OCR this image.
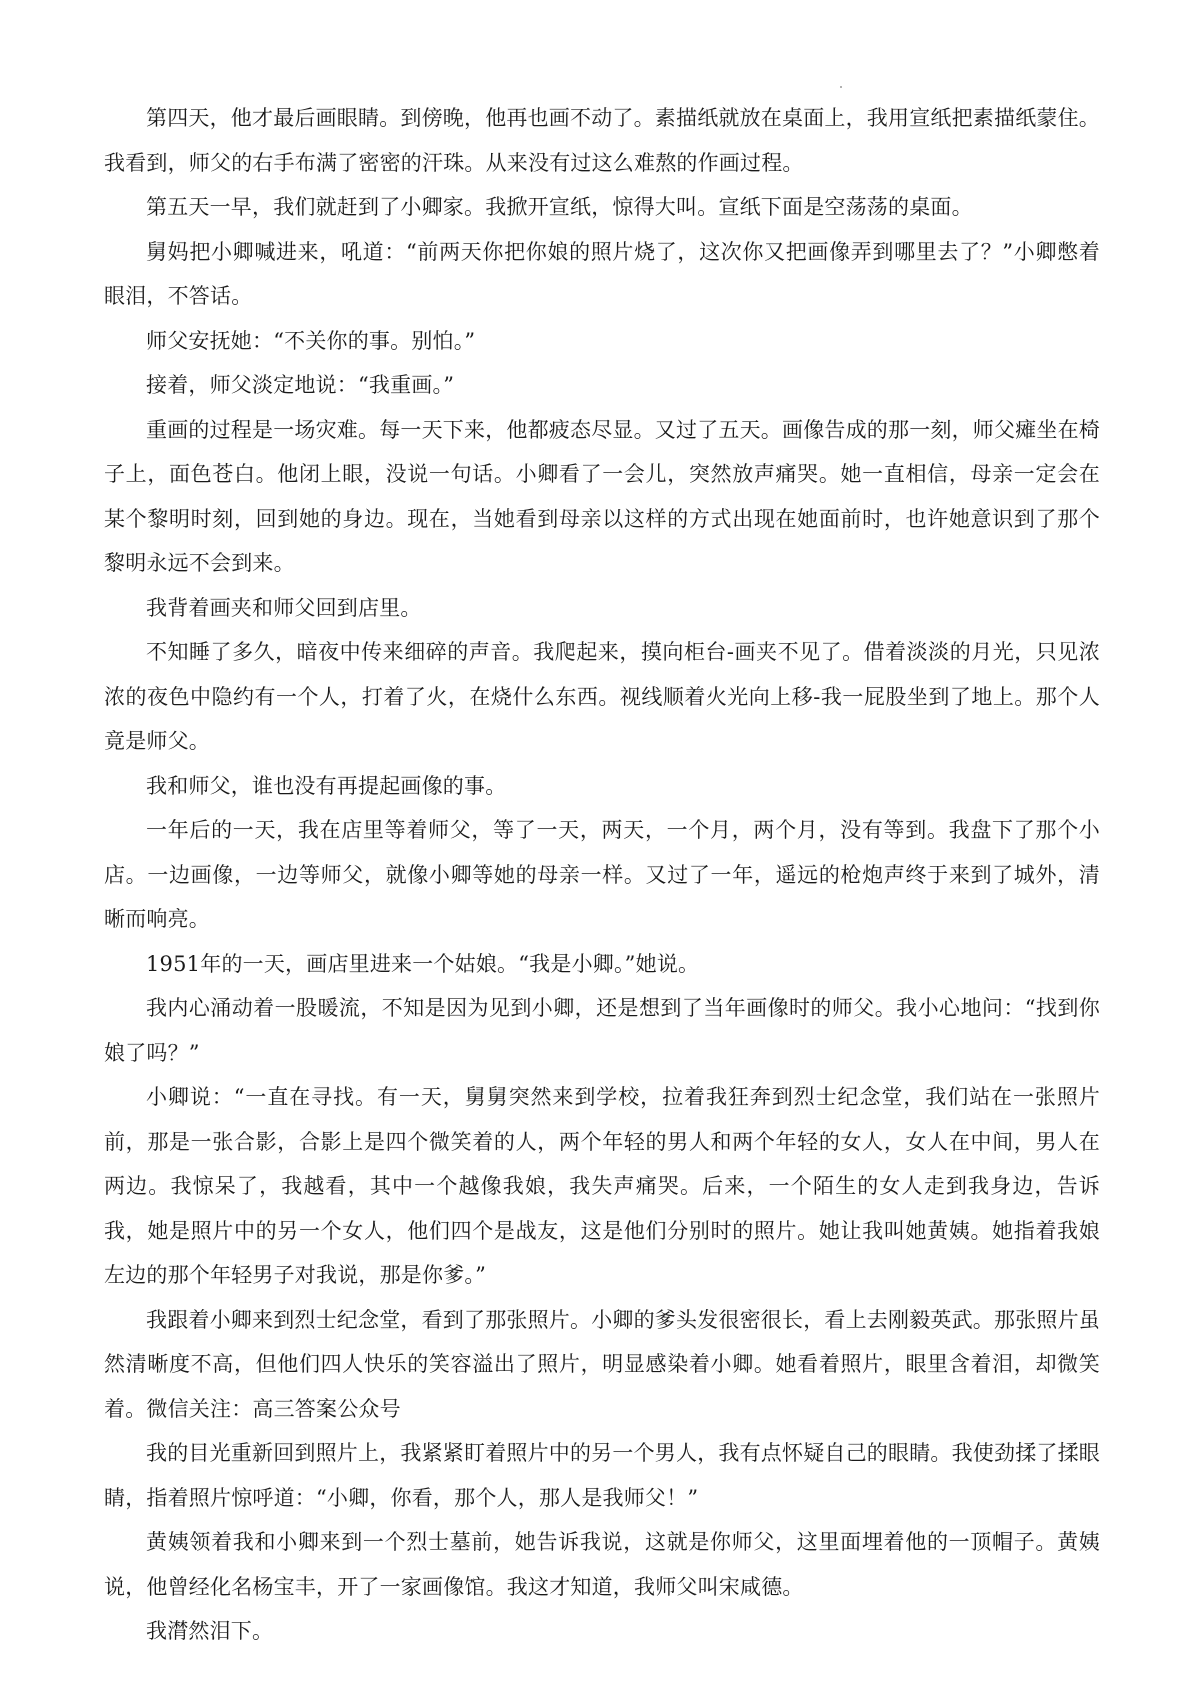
第四天，他才最后画眼睛。到傍晚，他再也画不动了。素描纸就放在桌面上，我用宣纸把素描纸蒙住。我看到，师父的右手布满了密密的汗珠。从来没有过这么难熬的作画过程。

第五天一早，我们就赶到了小卿家。我掀开宣纸，惊得大叫。宣纸下面是空荡荡的桌面。

舅妈把小卿喊进来，吼道：“前两天你把你娘的照片烧了，这次你又把画像弄到哪里去了？”小卿憋着眼泪，不答话。

师父安抚她：“不关你的事。别怕。”

接着，师父淡定地说：“我重画。”

重画的过程是一场灾难。每一天下来，他都疲态尽显。又过了五天。画像告成的那一刻，师父瘫坐在椅子上，面色苍白。他闭上眼，没说一句话。小卿看了一会儿，突然放声痛哭。她一直相信，母亲一定会在某个黎明时刻，回到她的身边。现在，当她看到母亲以这样的方式出现在她面前时，也许她意识到了那个黎明永远不会到来。

我背着画夹和师父回到店里。

不知睡了多久，暗夜中传来细碎的声音。我爬起来，摸向柜台-画夹不见了。借着淡淡的月光，只见浓浓的夜色中隐约有一个人，打着了火，在烧什么东西。视线顺着火光向上移-我一屁股坐到了地上。那个人竟是师父。

我和师父，谁也没有再提起画像的事。

一年后的一天，我在店里等着师父，等了一天，两天，一个月，两个月，没有等到。我盘下了那个小店。一边画像，一边等师父，就像小卿等她的母亲一样。又过了一年，遥远的枪炮声终于来到了城外，清晰而响亮。

1951年的一天，画店里进来一个姑娘。“我是小卿。”她说。

我内心涌动着一股暖流，不知是因为见到小卿，还是想到了当年画像时的师父。我小心地问：“找到你娘了吗？”

小卿说：“一直在寻找。有一天，舅舅突然来到学校，拉着我狂奔到烈士纪念堂，我们站在一张照片前，那是一张合影，合影上是四个微笑着的人，两个年轻的男人和两个年轻的女人，女人在中间，男人在两边。我惊呆了，我越看，其中一个越像我娘，我失声痛哭。后来，一个陌生的女人走到我身边，告诉我，她是照片中的另一个女人，他们四个是战友，这是他们分别时的照片。她让我叫她黄姨。她指着我娘左边的那个年轻男子对我说，那是你爹。”

我跟着小卿来到烈士纪念堂，看到了那张照片。小卿的爹头发很密很长，看上去刚毅英武。那张照片虽然清晰度不高，但他们四人快乐的笑容溢出了照片，明显感染着小卿。她看着照片，眼里含着泪，却微笑着。微信关注：高三答案公众号

我的目光重新回到照片上，我紧紧盯着照片中的另一个男人，我有点怀疑自己的眼睛。我使劲揉了揉眼睛，指着照片惊呼道：“小卿，你看，那个人，那人是我师父！”

黄姨领着我和小卿来到一个烈士墓前，她告诉我说，这就是你师父，这里面埋着他的一顶帽子。黄姨说，他曾经化名杨宝丰，开了一家画像馆。我这才知道，我师父叫宋咸德。

我潸然泪下。
